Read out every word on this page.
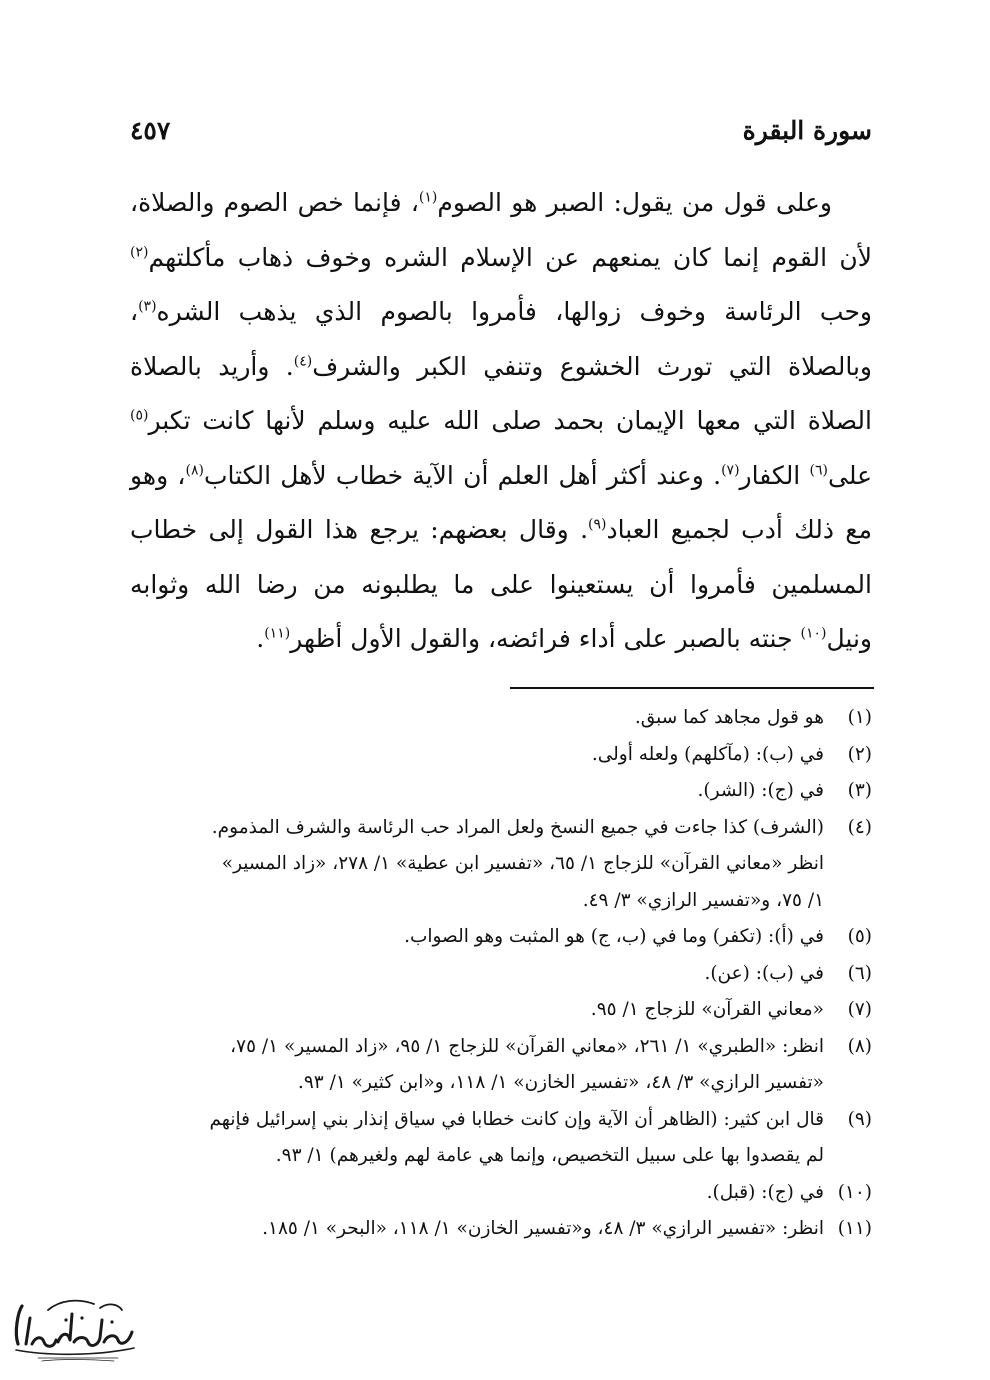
سورة البقرة
٤٥٧

وعلى قول من يقول: الصبر هو الصوم$^{(١)}$، فإنما خص الصوم والصلاة، لأن القوم إنما كان يمنعهم عن الإسلام الشره وخوف ذهاب مأكلتهم$^{(٢)}$ وحب الرئاسة وخوف زوالها، فأمروا بالصوم الذي يذهب الشره$^{(٣)}$، وبالصلاة التي تورث الخشوع وتنفي الكبر والشرف$^{(٤)}$. وأريد بالصلاة الصلاة التي معها الإيمان بحمد صلى الله عليه وسلم لأنها كانت تكبر$^{(٥)}$ على$^{(٦)}$ الكفار$^{(٧)}$. وعند أكثر أهل العلم أن الآية خطاب لأهل الكتاب$^{(٨)}$، وهو مع ذلك أدب لجميع العباد$^{(٩)}$. وقال بعضهم: يرجع هذا القول إلى خطاب المسلمين فأمروا أن يستعينوا على ما يطلبونه من رضا الله وثوابه ونيل$^{(١٠)}$ جنته بالصبر على أداء فرائضه، والقول الأول أظهر$^{(١١)}$.

(١)
هو قول مجاهد كما سبق.
(٢)
في (ب): (مآكلهم) ولعله أولى.
(٣)
في (ج): (الشر).
(٤)
(الشرف) كذا جاءت في جميع النسخ ولعل المراد حب الرئاسة والشرف المذموم.
انظر «معاني القرآن» للزجاج ١/ ٦٥، «تفسير ابن عطية» ١/ ٢٧٨، «زاد المسير»
١/ ٧٥، و«تفسير الرازي» ٣/ ٤٩.
(٥)
في (أ): (تكفر) وما في (ب، ج) هو المثبت وهو الصواب.
(٦)
في (ب): (عن).
(٧)
«معاني القرآن» للزجاج ١/ ٩٥.
(٨)
انظر: «الطبري» ١/ ٢٦١، «معاني القرآن» للزجاج ١/ ٩٥، «زاد المسير» ١/ ٧٥،
«تفسير الرازي» ٣/ ٤٨، «تفسير الخازن» ١/ ١١٨، و«ابن كثير» ١/ ٩٣.
(٩)
قال ابن كثير: (الظاهر أن الآية وإن كانت خطابا في سياق إنذار بني إسرائيل فإنهم
لم يقصدوا بها على سبيل التخصيص، وإنما هي عامة لهم ولغيرهم) ١/ ٩٣.
(١٠)
في (ج): (قبل).
(١١)
انظر: «تفسير الرازي» ٣/ ٤٨، و«تفسير الخازن» ١/ ١١٨، «البحر» ١/ ١٨٥.
